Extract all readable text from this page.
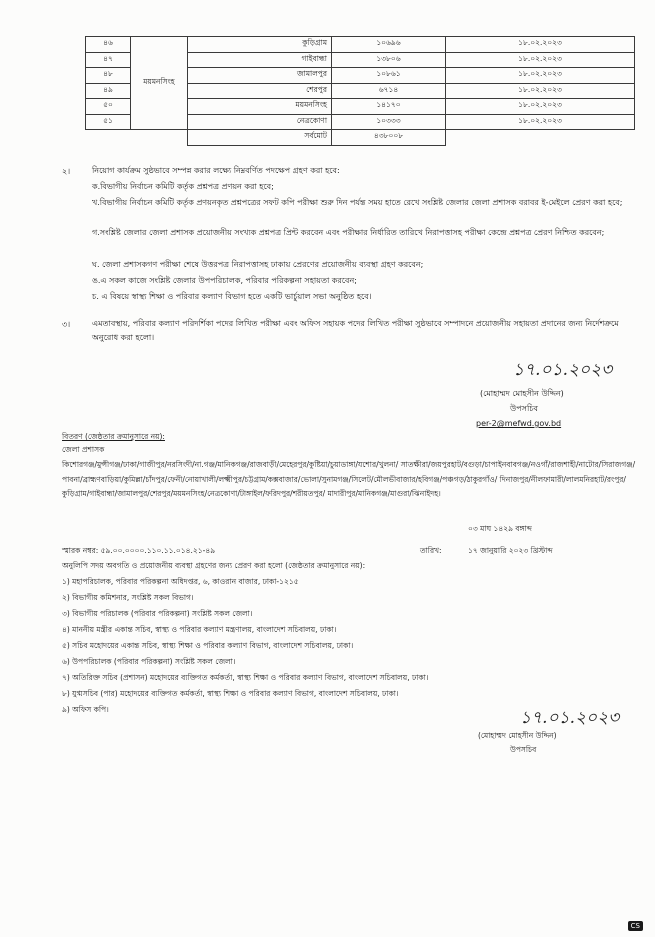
৪৬	ময়মনসিংহ	কুড়িগ্রাম	১০৬৯৬	১৮.০২.২০২৩
৪৭		গাইবান্ধা	১৩৮০৬	১৮.০২.২০২৩
৪৮		জামালপুর	১০৮৬১	১৮.০২.২০২৩
৪৯		শেরপুর	৬৭১৪	১৮.০২.২০২৩
৫০		ময়মনসিংহ	১৪১৭০	১৮.০২.২০২৩
৫১		নেত্রকোণা	১০৩৩৩	১৮.০২.২০২৩
		সর্বমোট	৪৩৮০০৮	
২।	নিয়োগ কার্যক্রম সুষ্ঠভাবে সম্পন্ন করার লক্ষ্যে নিম্নবর্ণিত পদক্ষেপ গ্রহণ করা হবে:
ক.বিভাগীয় নির্বাচন কমিটি কর্তৃক প্রশ্নপত্র প্রণয়ন করা হবে;
খ.বিভাগীয় নির্বাচন কমিটি কর্তৃক প্রণয়নকৃত প্রশ্নপত্রের সফট কপি পরীক্ষা শুরু দিন পর্যন্ত সময় হাতে রেখে সংশ্লিষ্ট জেলার জেলা প্রশাসক বরাবর ই-মেইলে প্রেরণ করা হবে;
গ.সংশ্লিষ্ট জেলার জেলা প্রশাসক প্রয়োজনীয় সংখ্যক প্রশ্নপত্র প্রিন্ট করবেন এবং পরীক্ষার নির্ধারিত তারিখে নিরাপত্তাসহ পরীক্ষা কেন্দ্রে প্রশ্নপত্র প্রেরণ নিশ্চিত করবেন;
ঘ. জেলা প্রশাসকগণ পরীক্ষা শেষে উত্তরপত্র নিরাপত্তাসহ ঢাকায় প্রেরণের প্রয়োজনীয় ব্যবস্থা গ্রহণ করবেন;
ঙ.এ সকল কাজে সংশ্লিষ্ট জেলার উপপরিচালক, পরিবার পরিকল্পনা সহায়তা করবেন;
চ. এ বিষয়ে স্বাস্থ্য শিক্ষা ও পরিবার কল্যাণ বিভাগ হতে একটি ভার্চুয়াল সভা অনুষ্ঠিত হবে।
৩।	এমতাবস্থায়, পরিবার কল্যাণ পরিদর্শিকা পদের লিখিত পরীক্ষা এবং অফিস সহায়ক পদের লিখিত পরীক্ষা সুষ্ঠভাবে সম্পাদনে প্রয়োজনীয় সহায়তা প্রদানের জন্য নির্দেশক্রমে অনুরোধ করা হলো।
১৭.০১.২০২৩
(মোহাম্মদ মোহসীন উদ্দিন)
উপসচিব
per-2@mefwd.gov.bd
বিতরণ (জেষ্ঠতার ক্রমানুসারে নয়):
জেলা প্রশাসক
কিশোরগঞ্জ/মুন্সীগঞ্জ/ঢাকা/গাজীপুর/নরসিংদী/না.গঞ্জ/মানিকগঞ্জ/রাজবাড়ী/মেহেরপুর/কুষ্টিয়া/চুয়াডাঙ্গা/যশোর/খুলনা/ সাতক্ষীরা/জয়পুরহাট/বগুড়া/চাপাইনবাবগঞ্জ/নওগাঁ/রাজশাহী/নাটোর/সিরাজগঞ্জ/পাবনা/ব্রাহ্মণবাড়িয়া/কুমিল্লা/চাঁদপুর/ফেনী/নোয়াখালী/লক্ষ্মীপুর/চট্টগ্রাম/কক্সবাজার/ভোলা/সুনামগঞ্জ/সিলেট/মৌলভীবাজার/হবিগঞ্জ/পঞ্চগড়/ঠাকুরগাঁও/ দিনাজপুর/নীলফামারী/লালমনিরহাট/রংপুর/কুড়িগ্রাম/গাইবান্ধা/জামালপুর/শেরপুর/ময়মনসিংহ/নেত্রকোণা/টাঙ্গাইল/ফরিদপুর/শরীয়তপুর/ মাদারীপুর/মানিকগঞ্জ/মাগুরা/ঝিনাইদহ।
০৩ মাঘ ১৪২৯ বঙ্গাব্দ
স্মারক নম্বর: ৫৯.০০.০০০০.১১০.১১.০১৪.২১-৪৯	তারিখ:	১৭ জানুয়ারি ২০২৩ খ্রিস্টাব্দ
অনুলিপি সদয় অবগতি ও প্রয়োজনীয় ব্যবস্থা গ্রহণের জন্য প্রেরণ করা হলো (জেষ্ঠতার ক্রমানুসারে নয়):
১) মহাপরিচালক, পরিবার পরিকল্পনা অধিদপ্তর, ৬, কাওরান বাজার, ঢাকা-১২১৫
২) বিভাগীয় কমিশনার, সংশ্লিষ্ট সকল বিভাগ।
৩) বিভাগীয় পরিচালক (পরিবার পরিকল্পনা) সংশ্লিষ্ট সকল জেলা।
৪) মাননীয় মন্ত্রীর একান্ত সচিব, স্বাস্থ্য ও পরিবার কল্যাণ মন্ত্রণালয়, বাংলাদেশ সচিবালয়, ঢাকা।
৫) সচিব মহোদয়ের একান্ত সচিব, স্বাস্থ্য শিক্ষা ও পরিবার কল্যাণ বিভাগ, বাংলাদেশ সচিবালয়, ঢাকা।
৬) উপপরিচালক (পরিবার পরিকল্পনা) সংশ্লিষ্ট সকল জেলা।
৭) অতিরিক্ত সচিব (প্রশাসন) মহোদয়ের ব্যক্তিগত কর্মকর্তা, স্বাস্থ্য শিক্ষা ও পরিবার কল্যাণ বিভাগ, বাংলাদেশ সচিবালয়, ঢাকা।
৮) যুগ্মসচিব (পার) মহোদয়ের ব্যক্তিগত কর্মকর্তা, স্বাস্থ্য শিক্ষা ও পরিবার কল্যাণ বিভাগ, বাংলাদেশ সচিবালয়, ঢাকা।
৯) অফিস কপি।	১৭.০১.২০২৩
(মোহাম্মদ মোহসীন উদ্দিন)
উপসচিব
CS
